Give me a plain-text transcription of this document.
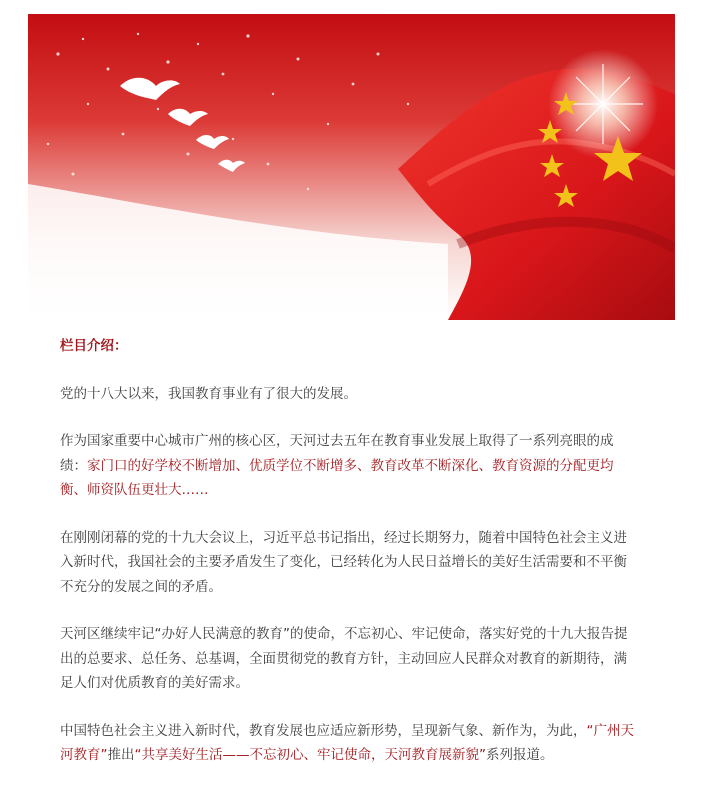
栏目介绍：

党的十八大以来，我国教育事业有了很大的发展。

作为国家重要中心城市广州的核心区，天河过去五年在教育事业发展上取得了一系列亮眼的成绩：家门口的好学校不断增加、优质学位不断增多、教育改革不断深化、教育资源的分配更均衡、师资队伍更壮大……

在刚刚闭幕的党的十九大会议上，习近平总书记指出，经过长期努力，随着中国特色社会主义进入新时代，我国社会的主要矛盾发生了变化，已经转化为人民日益增长的美好生活需要和不平衡不充分的发展之间的矛盾。

天河区继续牢记“办好人民满意的教育”的使命，不忘初心、牢记使命，落实好党的十九大报告提出的总要求、总任务、总基调，全面贯彻党的教育方针，主动回应人民群众对教育的新期待，满足人们对优质教育的美好需求。

中国特色社会主义进入新时代，教育发展也应适应新形势，呈现新气象、新作为，为此，“广州天河教育”推出“共享美好生活——不忘初心、牢记使命，天河教育展新貌”系列报道。
